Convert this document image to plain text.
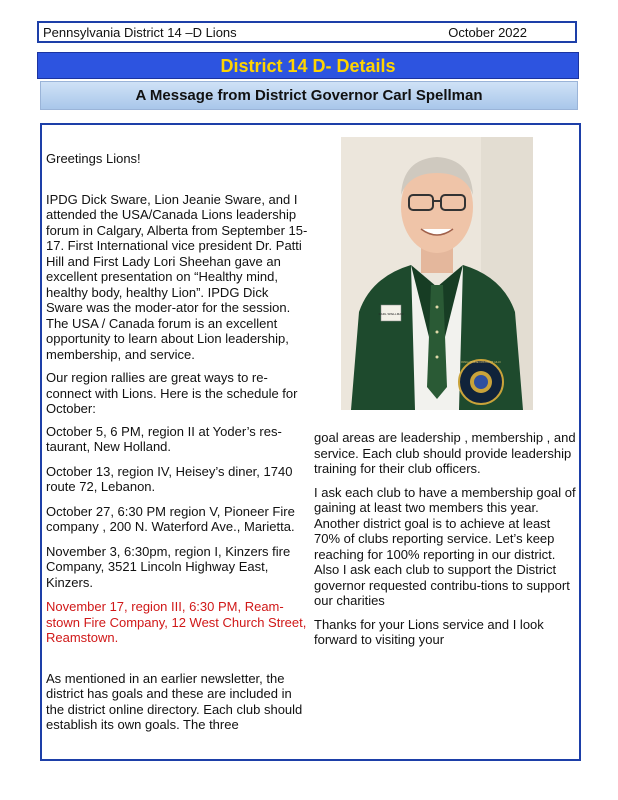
Pennsylvania District 14 –D Lions	October 2022
District 14 D- Details
A Message from District Governor Carl Spellman
CARL SPELLMAN
KING PRIDE DISTRICT 14-D

Greetings Lions!

IPDG Dick Sware, Lion Jeanie Sware, and I attended the USA/Canada Lions leadership forum in Calgary, Alberta from September 15-17. First International vice president Dr. Patti Hill and First Lady Lori Sheehan gave an excellent presentation on “Healthy mind, healthy body, healthy Lion”. IPDG Dick Sware was the moder-ator for the session. The USA / Canada forum is an excellent opportunity to learn about Lion leadership, membership, and service.

Our region rallies are great ways to re-connect with Lions. Here is the schedule for October:

October 5, 6 PM, region II at Yoder’s res-taurant, New Holland.

October 13, region IV, Heisey’s diner, 1740 route 72, Lebanon.

October 27, 6:30 PM region V, Pioneer Fire company , 200 N. Waterford Ave., Marietta.

November 3, 6:30pm, region I, Kinzers fire Company, 3521 Lincoln Highway East, Kinzers.

November 17, region III, 6:30 PM, Ream-stown Fire Company, 12 West Church Street, Reamstown.

As mentioned in an earlier newsletter, the district has goals and these are included in the district online directory. Each club should establish its own goals. The three

goal areas are leadership , membership , and service. Each club should provide leadership training for their club officers.

I ask each club to have a membership goal of gaining at least two members this year. Another district goal is to achieve at least 70% of clubs reporting service. Let’s keep reaching for 100% reporting in our district. Also I ask each club to support the District governor requested contribu-tions to support our charities

Thanks for your Lions service and I look forward to visiting your
